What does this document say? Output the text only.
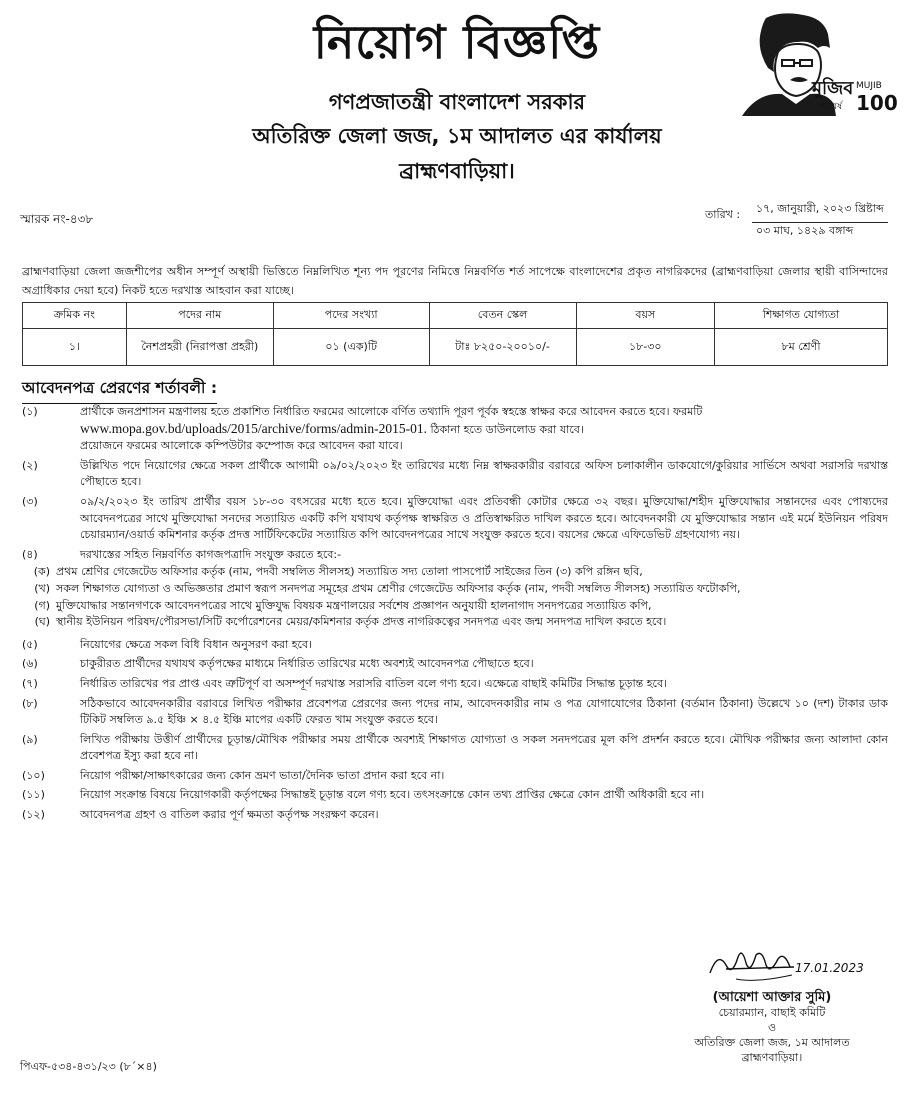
নিয়োগ বিজ্ঞপ্তি
গণপ্রজাতন্ত্রী বাংলাদেশ সরকার
অতিরিক্ত জেলা জজ, ১ম আদালত এর কার্যালয়
ব্রাহ্মণবাড়িয়া।
মুজিব
শতবর্ষ
MUJIB
100
স্মারক নং-৪৩৮	তারিখ :	১৭, জানুয়ারী, ২০২৩ খ্রিষ্টাব্দ
০৩ মাঘ, ১৪২৯ বঙ্গাব্দ
ব্রাহ্মণবাড়িয়া জেলা জজশীপের অধীন সম্পূর্ণ অস্থায়ী ভিত্তিতে নিম্নলিখিত শূন্য পদ পূরণের নিমিত্তে নিম্নবর্ণিত শর্ত সাপেক্ষে বাংলাদেশের প্রকৃত নাগরিকদের (ব্রাহ্মণবাড়িয়া জেলার স্থায়ী বাসিন্দাদের অগ্রাধিকার দেয়া হবে) নিকট হতে দরখাস্ত আহবান করা যাচ্ছে।
ক্রমিক নং	পদের নাম	পদের সংখ্যা	বেতন স্কেল	বয়স	শিক্ষাগত যোগ্যতা
১।	নৈশপ্রহরী (নিরাপত্তা প্রহরী)	০১ (এক)টি	টাঃ ৮২৫০-২০০১০/-	১৮-৩০	৮ম শ্রেণী
আবেদনপত্র প্রেরণের শর্তাবলী :
(১)	প্রার্থীকে জনপ্রশাসন মন্ত্রণালয় হতে প্রকাশিত নির্ধারিত ফরমের আলোকে বর্ণিত তথ্যাদি পূরণ পূর্বক স্বহস্তে স্বাক্ষর করে আবেদন করতে হবে। ফরমটি
www.mopa.gov.bd/uploads/2015/archive/forms/admin-2015-01. ঠিকানা হতে ডাউনলোড করা যাবে।
প্রয়োজনে ফরমের আলোকে কম্পিউটার কম্পোজ করে আবেদন করা যাবে।
(২)	উল্লিখিত পদে নিয়োগের ক্ষেত্রে সকল প্রার্থীকে আগামী ০৯/০২/২০২৩ ইং তারিখের মধ্যে নিম্ন স্বাক্ষরকারীর বরাবরে অফিস চলাকালীন ডাকযোগে/কুরিয়ার সার্ভিসে অথবা সরাসরি দরখাস্ত পৌছাতে হবে।
(৩)	০৯/২/২০২৩ ইং তারিখ প্রার্থীর বয়স ১৮-৩০ বৎসরের মধ্যে হতে হবে। মুক্তিযোদ্ধা এবং প্রতিবন্ধী কোটার ক্ষেত্রে ৩২ বছর। মুক্তিযোদ্ধা/শহীদ মুক্তিযোদ্ধার সন্তানদের এবং পোষ্যদের আবেদনপত্রের সাথে মুক্তিযোদ্ধা সনদের সত্যায়িত একটি কপি যথাযথ কর্তৃপক্ষ স্বাক্ষরিত ও প্রতিস্বাক্ষরিত দাখিল করতে হবে। আবেদনকারী যে মুক্তিযোদ্ধার সন্তান এই মর্মে ইউনিয়ন পরিষদ চেয়ারম্যান/ওয়ার্ড কমিশনার কর্তৃক প্রদত্ত সার্টিফিকেটের সত্যায়িত কপি আবেদনপত্রের সাথে সংযুক্ত করতে হবে। বয়সের ক্ষেত্রে এফিডেভিট গ্রহণযোগ্য নয়।
(৪)	দরখাস্তের সহিত নিম্নবর্ণিত কাগজপত্রাদি সংযুক্ত করতে হবে:-
(ক) প্রথম শ্রেণির গেজেটেড অফিসার কর্তৃক (নাম, পদবী সম্বলিত সীলসহ) সত্যায়িত সদ্য তোলা পাসপোর্ট সাইজের তিন (৩) কপি রঙ্গিন ছবি,
(খ) সকল শিক্ষাগত যোগ্যতা ও অভিজ্ঞতার প্রমাণ স্বরূপ সনদপত্র সমূহের প্রথম শ্রেণীর গেজেটেড অফিসার কর্তৃক (নাম, পদবী সম্বলিত সীলসহ) সত্যায়িত ফটোকপি,
(গ) মুক্তিযোদ্ধার সন্তানগণকে আবেদনপত্রের সাথে মুক্তিযুদ্ধ বিষয়ক মন্ত্রণালয়ের সর্বশেষ প্রজ্ঞাপন অনুযায়ী হালনাগাদ সনদপত্রের সত্যায়িত কপি,
(ঘ) স্থানীয় ইউনিয়ন পরিষদ/পৌরসভা/সিটি কর্পোরেশনের মেয়র/কমিশনার কর্তৃক প্রদত্ত নাগরিকত্বের সনদপত্র এবং জন্ম সনদপত্র দাখিল করতে হবে।
(৫)	নিয়োগের ক্ষেত্রে সকল বিধি বিধান অনুসরণ করা হবে।
(৬)	চাকুরীরত প্রার্থীদের যথাযথ কর্তৃপক্ষের মাধ্যমে নির্ধারিত তারিখের মধ্যে অবশ্যই আবেদনপত্র পৌছাতে হবে।
(৭)	নির্ধারিত তারিখের পর প্রাপ্ত এবং ত্রুটিপূর্ণ বা অসম্পূর্ণ দরখাস্ত সরাসরি বাতিল বলে গণ্য হবে। এক্ষেত্রে বাছাই কমিটির সিদ্ধান্ত চূড়ান্ত হবে।
(৮)	সঠিকভাবে আবেদনকারীর বরাবরে লিখিত পরীক্ষার প্রবেশপত্র প্রেরণের জন্য পদের নাম, আবেদনকারীর নাম ও পত্র যোগাযোগের ঠিকানা (বর্তমান ঠিকানা) উল্লেখে ১০ (দশ) টাকার ডাক টিকিট সম্বলিত ৯.৫ ইঞ্চি × ৪.৫ ইঞ্চি মাপের একটি ফেরত খাম সংযুক্ত করতে হবে।
(৯)	লিখিত পরীক্ষায় উত্তীর্ণ প্রার্থীদের চূড়ান্ত/মৌখিক পরীক্ষার সময় প্রার্থীকে অবশ্যই শিক্ষাগত যোগ্যতা ও সকল সনদপত্রের মূল কপি প্রদর্শন করতে হবে। মৌখিক পরীক্ষার জন্য আলাদা কোন প্রবেশপত্র ইস্যু করা হবে না।
(১০)	নিয়োগ পরীক্ষা/সাক্ষাৎকারের জন্য কোন ভ্রমণ ভাতা/দৈনিক ভাতা প্রদান করা হবে না।
(১১)	নিয়োগ সংক্রান্ত বিষয়ে নিয়োগকারী কর্তৃপক্ষের সিদ্ধান্তই চূড়ান্ত বলে গণ্য হবে। তৎসংক্রান্তে কোন তথ্য প্রাপ্তির ক্ষেত্রে কোন প্রার্থী অধিকারী হবে না।
(১২)	আবেদনপত্র গ্রহণ ও বাতিল করার পূর্ণ ক্ষমতা কর্তৃপক্ষ সংরক্ষণ করেন।
17.01.2023
(আয়েশা আক্তার সুমি)
চেয়ারম্যান, বাছাই কমিটি
ও
অতিরিক্ত জেলা জজ, ১ম আদালত
ব্রাহ্মণবাড়িয়া।
পিএফ-৫৩৪-৪৩১/২৩ (৮´×৪)
